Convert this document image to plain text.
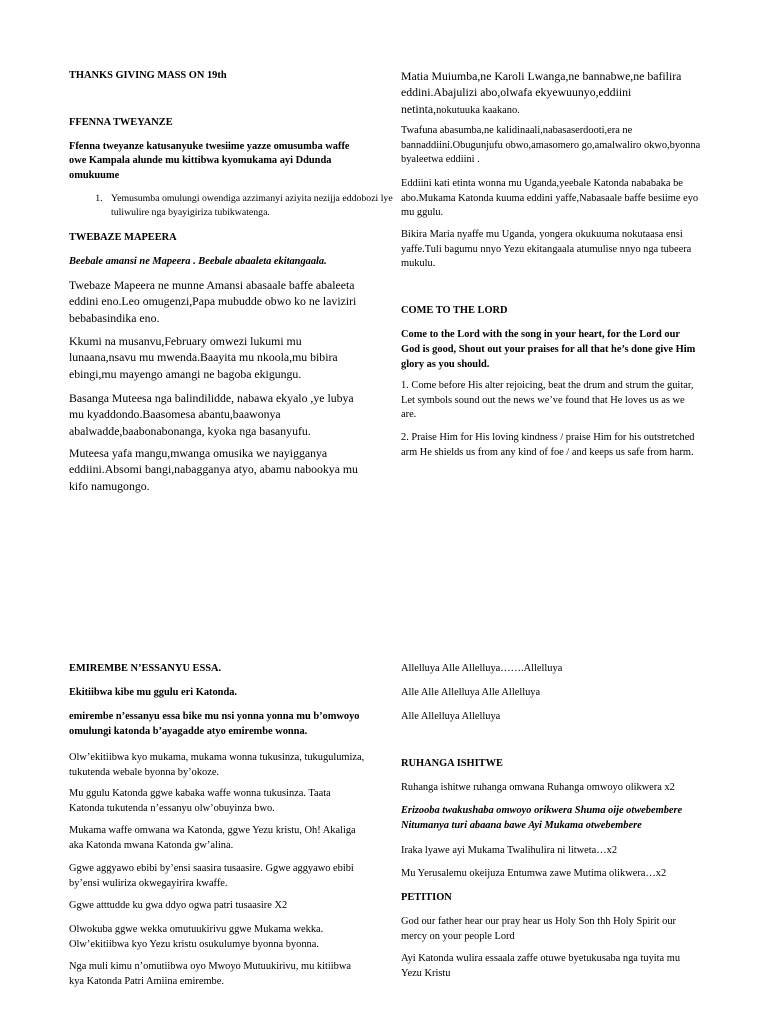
THANKS GIVING MASS ON 19th

FFENNA TWEYANZE

Ffenna tweyanze katusanyuke twesiime yazze omusumba waffe owe Kampala alunde mu kittibwa kyomukama ayi Ddunda omukuume

1. Yemusumba omulungi owendiga azzimanyi aziyita nezijja eddobozi lye tuliwulire nga byayigiriza tubikwatenga.

TWEBAZE MAPEERA

Beebale amansi ne Mapeera . Beebale abaaleta ekitangaala.

Twebaze Mapeera ne munne Amansi abasaale baffe abaleeta eddini eno.Leo omugenzi,Papa mubudde obwo ko ne laviziri bebabasindika eno.

Kkumi na musanvu,February omwezi lukumi mu lunaana,nsavu mu mwenda.Baayita mu nkoola,mu bibira ebingi,mu mayengo amangi ne bagoba ekigungu.

Basanga Muteesa nga balindilidde, nabawa ekyalo ,ye lubya mu kyaddondo.Baasomesa abantu,baawonya abalwadde,baabonabonanga, kyoka nga basanyufu.

Muteesa yafa mangu,mwanga omusika we nayigganya eddiini.Absomi bangi,nabagganya atyo, abamu nabookya mu kifo namugongo.

Matia Muiumba,ne Karoli Lwanga,ne bannabwe,ne bafilira eddini.Abajulizi abo,olwafa ekyewuunyo,eddiini netinta,nokutuuka kaakano.

Twafuna abasumba,ne kalidinaali,nabasaserdooti,era ne bannaddiini.Obugunjufu obwo,amasomero go,amalwaliro okwo,byonna byaleetwa eddiini .

Eddiini kati etinta wonna mu Uganda,yeebale Katonda nababaka be abo.Mukama Katonda kuuma eddini yaffe,Nabasaale baffe besiime eyo mu ggulu.

Bikira Maria nyaffe mu Uganda, yongera okukuuma nokutaasa ensi yaffe.Tuli bagumu nnyo Yezu ekitangaala atumulise nnyo nga tubeera mukulu.

COME TO THE LORD

Come to the Lord with the song in your heart, for the Lord our God is good, Shout out your praises for all that he’s done give Him glory as you should.

1. Come before His alter rejoicing, beat the drum and strum the guitar, Let symbols sound out the news we’ve found that He loves us as we are.

2. Praise Him for His loving kindness / praise Him for his outstretched arm He shields us from any kind of foe / and keeps us safe from harm.

EMIREMBE N’ESSANYU ESSA.

Ekitiibwa kibe mu ggulu eri Katonda.

emirembe n’essanyu essa bike mu nsi yonna yonna mu b’omwoyo omulungi katonda b’ayagadde atyo emirembe wonna.

Olw’ekitiibwa kyo mukama, mukama wonna tukusinza, tukugulumiza, tukutenda webale byonna by’okoze.

Mu ggulu Katonda ggwe kabaka waffe wonna tukusinza. Taata Katonda tukutenda n’essanyu olw’obuyinza bwo.

Mukama waffe omwana wa Katonda, ggwe Yezu kristu, Oh! Akaliga aka Katonda mwana Katonda gw’alina.

Ggwe aggyawo ebibi by’ensi saasira tusaasire. Ggwe aggyawo ebibi by’ensi wuliriza okwegayirira kwaffe.

Ggwe atttudde ku gwa ddyo ogwa patri tusaasire X2

Olwokuba ggwe wekka omutuukirivu ggwe Mukama wekka. Olw’ekitiibwa kyo Yezu kristu osukulumye byonna byonna.

Nga muli kimu n’omutiibwa oyo Mwoyo Mutuukirivu, mu kitiibwa kya Katonda Patri Amiina emirembe.

Allelluya Alle Allelluya…….Allelluya

Alle Alle Allelluya Alle Allelluya

Alle Allelluya Allelluya

RUHANGA ISHITWE

Ruhanga ishitwe ruhanga omwana Ruhanga omwoyo olikwera x2

Erizooba twakushaba omwoyo orikwera Shuma oije otwebembere Nitumanya turi abaana bawe Ayi Mukama otwebembere

Iraka lyawe ayi Mukama Twalihulira ni litweta…x2

Mu Yerusalemu okeijuza Entumwa zawe Mutima olikwera…x2

PETITION

God our father hear our pray hear us Holy Son thh Holy Spirit our mercy on your people Lord

Ayi Katonda wulira essaala zaffe otuwe byetukusaba nga tuyita mu Yezu Kristu
